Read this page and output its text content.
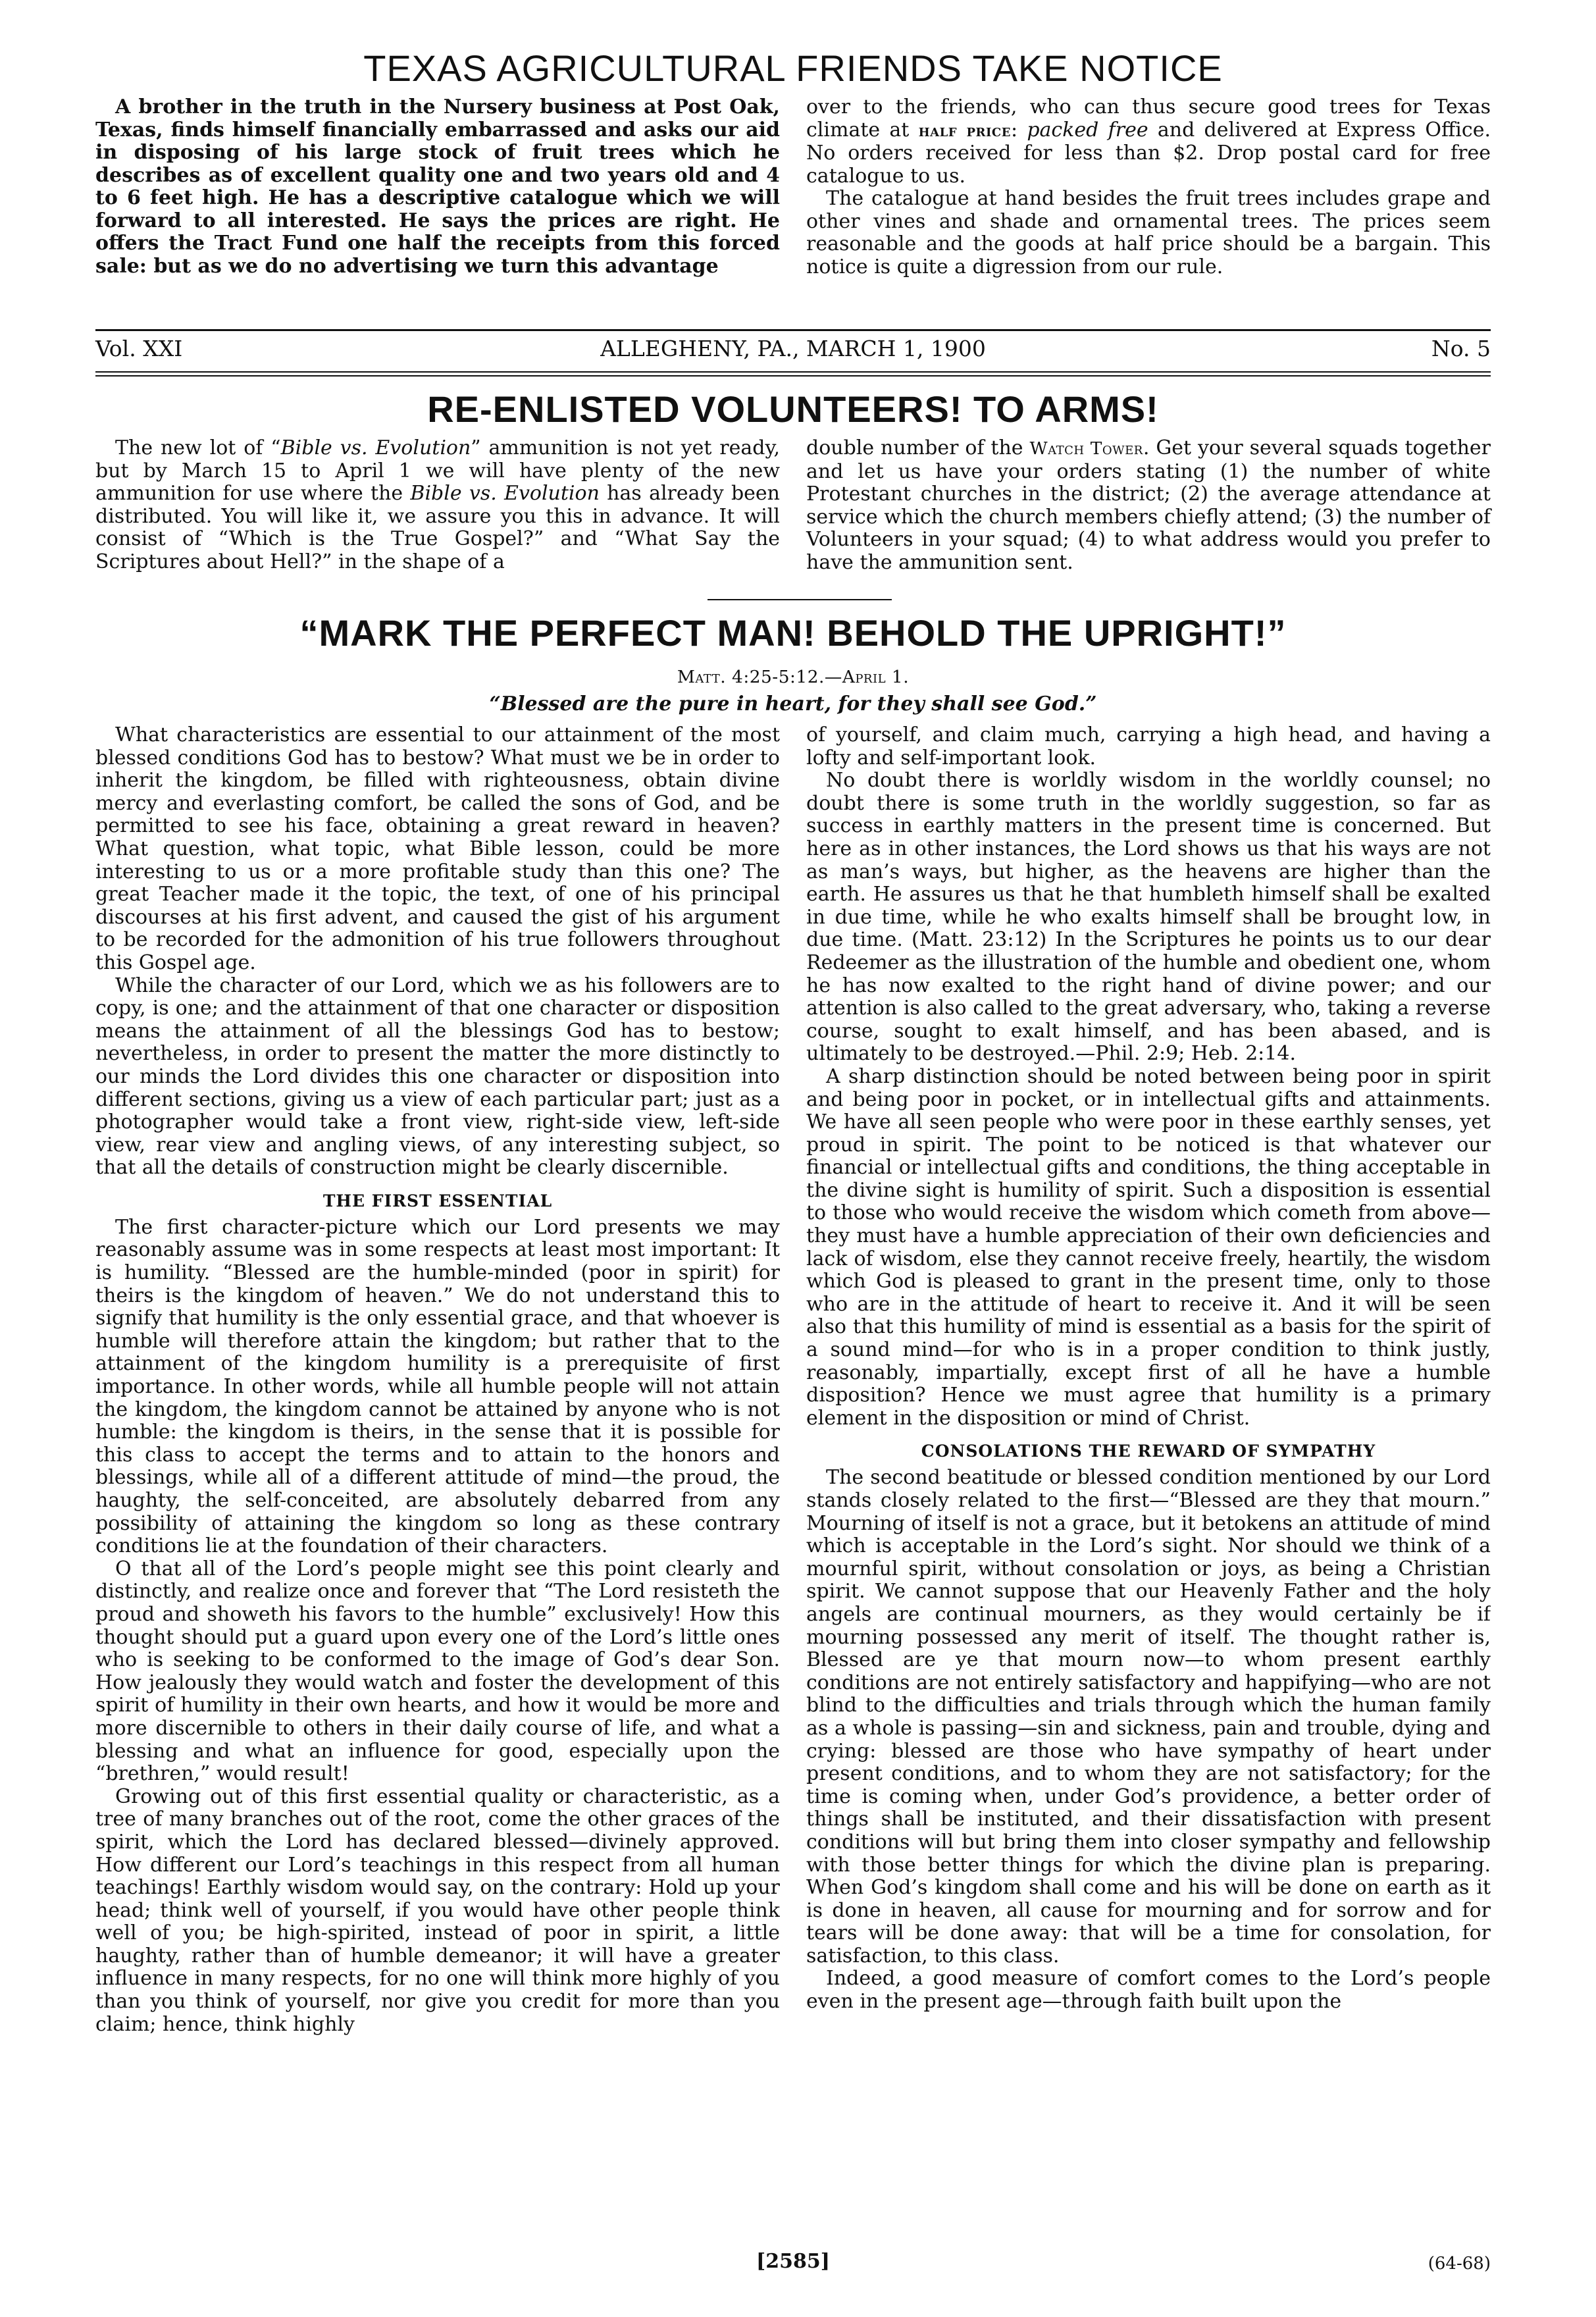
TEXAS AGRICULTURAL FRIENDS TAKE NOTICE

A brother in the truth in the Nursery business at Post Oak, Texas, finds himself financially embarrassed and asks our aid in disposing of his large stock of fruit trees which he describes as of excellent quality one and two years old and 4 to 6 feet high. He has a descriptive catalogue which we will forward to all interested. He says the prices are right. He offers the Tract Fund one half the receipts from this forced sale: but as we do no advertising we turn this advantage

over to the friends, who can thus secure good trees for Texas climate at half price: packed free and delivered at Express Office. No orders received for less than $2. Drop postal card for free catalogue to us.

The catalogue at hand besides the fruit trees includes grape and other vines and shade and ornamental trees. The prices seem reasonable and the goods at half price should be a bargain. This notice is quite a digression from our rule.

Vol. XXI	ALLEGHENY, PA., MARCH 1, 1900	No. 5
RE-ENLISTED VOLUNTEERS! TO ARMS!

The new lot of “Bible vs. Evolution” ammunition is not yet ready, but by March 15 to April 1 we will have plenty of the new ammunition for use where the Bible vs. Evolution has already been distributed. You will like it, we assure you this in advance. It will consist of “Which is the True Gospel?” and “What Say the Scriptures about Hell?” in the shape of a

double number of the Watch Tower. Get your several squads together and let us have your orders stating (1) the number of white Protestant churches in the district; (2) the average attendance at service which the church members chiefly attend; (3) the number of Volunteers in your squad; (4) to what address would you prefer to have the ammunition sent.

“MARK THE PERFECT MAN! BEHOLD THE UPRIGHT!”
Matt. 4:25-5:12.—April 1.
“Blessed are the pure in heart, for they shall see God.”

What characteristics are essential to our attainment of the most blessed conditions God has to bestow? What must we be in order to inherit the kingdom, be filled with righteousness, obtain divine mercy and everlasting comfort, be called the sons of God, and be permitted to see his face, obtaining a great reward in heaven? What question, what topic, what Bible lesson, could be more interesting to us or a more profitable study than this one? The great Teacher made it the topic, the text, of one of his principal discourses at his first advent, and caused the gist of his argument to be recorded for the admonition of his true followers throughout this Gospel age.

While the character of our Lord, which we as his followers are to copy, is one; and the attainment of that one character or disposition means the attainment of all the blessings God has to bestow; nevertheless, in order to present the matter the more distinctly to our minds the Lord divides this one character or disposition into different sections, giving us a view of each particular part; just as a photographer would take a front view, right-side view, left-side view, rear view and angling views, of any interesting subject, so that all the details of construction might be clearly discernible.

THE FIRST ESSENTIAL

The first character-picture which our Lord presents we may reasonably assume was in some respects at least most important: It is humility. “Blessed are the humble-minded (poor in spirit) for theirs is the kingdom of heaven.” We do not understand this to signify that humility is the only essential grace, and that whoever is humble will therefore attain the kingdom; but rather that to the attainment of the kingdom humility is a prerequisite of first importance. In other words, while all humble people will not attain the kingdom, the kingdom cannot be attained by anyone who is not humble: the kingdom is theirs, in the sense that it is possible for this class to accept the terms and to attain to the honors and blessings, while all of a different attitude of mind—the proud, the haughty, the self-conceited, are absolutely debarred from any possibility of attaining the kingdom so long as these contrary conditions lie at the foundation of their characters.

O that all of the Lord’s people might see this point clearly and distinctly, and realize once and forever that “The Lord resisteth the proud and showeth his favors to the humble” exclusively! How this thought should put a guard upon every one of the Lord’s little ones who is seeking to be conformed to the image of God’s dear Son. How jealously they would watch and foster the development of this spirit of humility in their own hearts, and how it would be more and more discernible to others in their daily course of life, and what a blessing and what an influence for good, especially upon the “brethren,” would result!

Growing out of this first essential quality or characteristic, as a tree of many branches out of the root, come the other graces of the spirit, which the Lord has declared blessed—divinely approved. How different our Lord’s teachings in this respect from all human teachings! Earthly wisdom would say, on the contrary: Hold up your head; think well of yourself, if you would have other people think well of you; be high-spirited, instead of poor in spirit, a little haughty, rather than of humble demeanor; it will have a greater influence in many respects, for no one will think more highly of you than you think of yourself, nor give you credit for more than you claim; hence, think highly

of yourself, and claim much, carrying a high head, and having a lofty and self-important look.

No doubt there is worldly wisdom in the worldly counsel; no doubt there is some truth in the worldly suggestion, so far as success in earthly matters in the present time is concerned. But here as in other instances, the Lord shows us that his ways are not as man’s ways, but higher, as the heavens are higher than the earth. He assures us that he that humbleth himself shall be exalted in due time, while he who exalts himself shall be brought low, in due time. (Matt. 23:12) In the Scriptures he points us to our dear Redeemer as the illustration of the humble and obedient one, whom he has now exalted to the right hand of divine power; and our attention is also called to the great adversary, who, taking a reverse course, sought to exalt himself, and has been abased, and is ultimately to be destroyed.—Phil. 2:9; Heb. 2:14.

A sharp distinction should be noted between being poor in spirit and being poor in pocket, or in intellectual gifts and attainments. We have all seen people who were poor in these earthly senses, yet proud in spirit. The point to be noticed is that whatever our financial or intellectual gifts and conditions, the thing acceptable in the divine sight is humility of spirit. Such a disposition is essential to those who would receive the wisdom which cometh from above—they must have a humble appreciation of their own deficiencies and lack of wisdom, else they cannot receive freely, heartily, the wisdom which God is pleased to grant in the present time, only to those who are in the attitude of heart to receive it. And it will be seen also that this humility of mind is essential as a basis for the spirit of a sound mind—for who is in a proper condition to think justly, reasonably, impartially, except first of all he have a humble disposition? Hence we must agree that humility is a primary element in the disposition or mind of Christ.

CONSOLATIONS THE REWARD OF SYMPATHY

The second beatitude or blessed condition mentioned by our Lord stands closely related to the first—“Blessed are they that mourn.” Mourning of itself is not a grace, but it betokens an attitude of mind which is acceptable in the Lord’s sight. Nor should we think of a mournful spirit, without consolation or joys, as being a Christian spirit. We cannot suppose that our Heavenly Father and the holy angels are continual mourners, as they would certainly be if mourning possessed any merit of itself. The thought rather is, Blessed are ye that mourn now—to whom present earthly conditions are not entirely satisfactory and happifying—who are not blind to the difficulties and trials through which the human family as a whole is passing—sin and sickness, pain and trouble, dying and crying: blessed are those who have sympathy of heart under present conditions, and to whom they are not satisfactory; for the time is coming when, under God’s providence, a better order of things shall be instituted, and their dissatisfaction with present conditions will but bring them into closer sympathy and fellowship with those better things for which the divine plan is preparing. When God’s kingdom shall come and his will be done on earth as it is done in heaven, all cause for mourning and for sorrow and for tears will be done away: that will be a time for consolation, for satisfaction, to this class.

Indeed, a good measure of comfort comes to the Lord’s people even in the present age—through faith built upon the

[2585]	(64-68)
